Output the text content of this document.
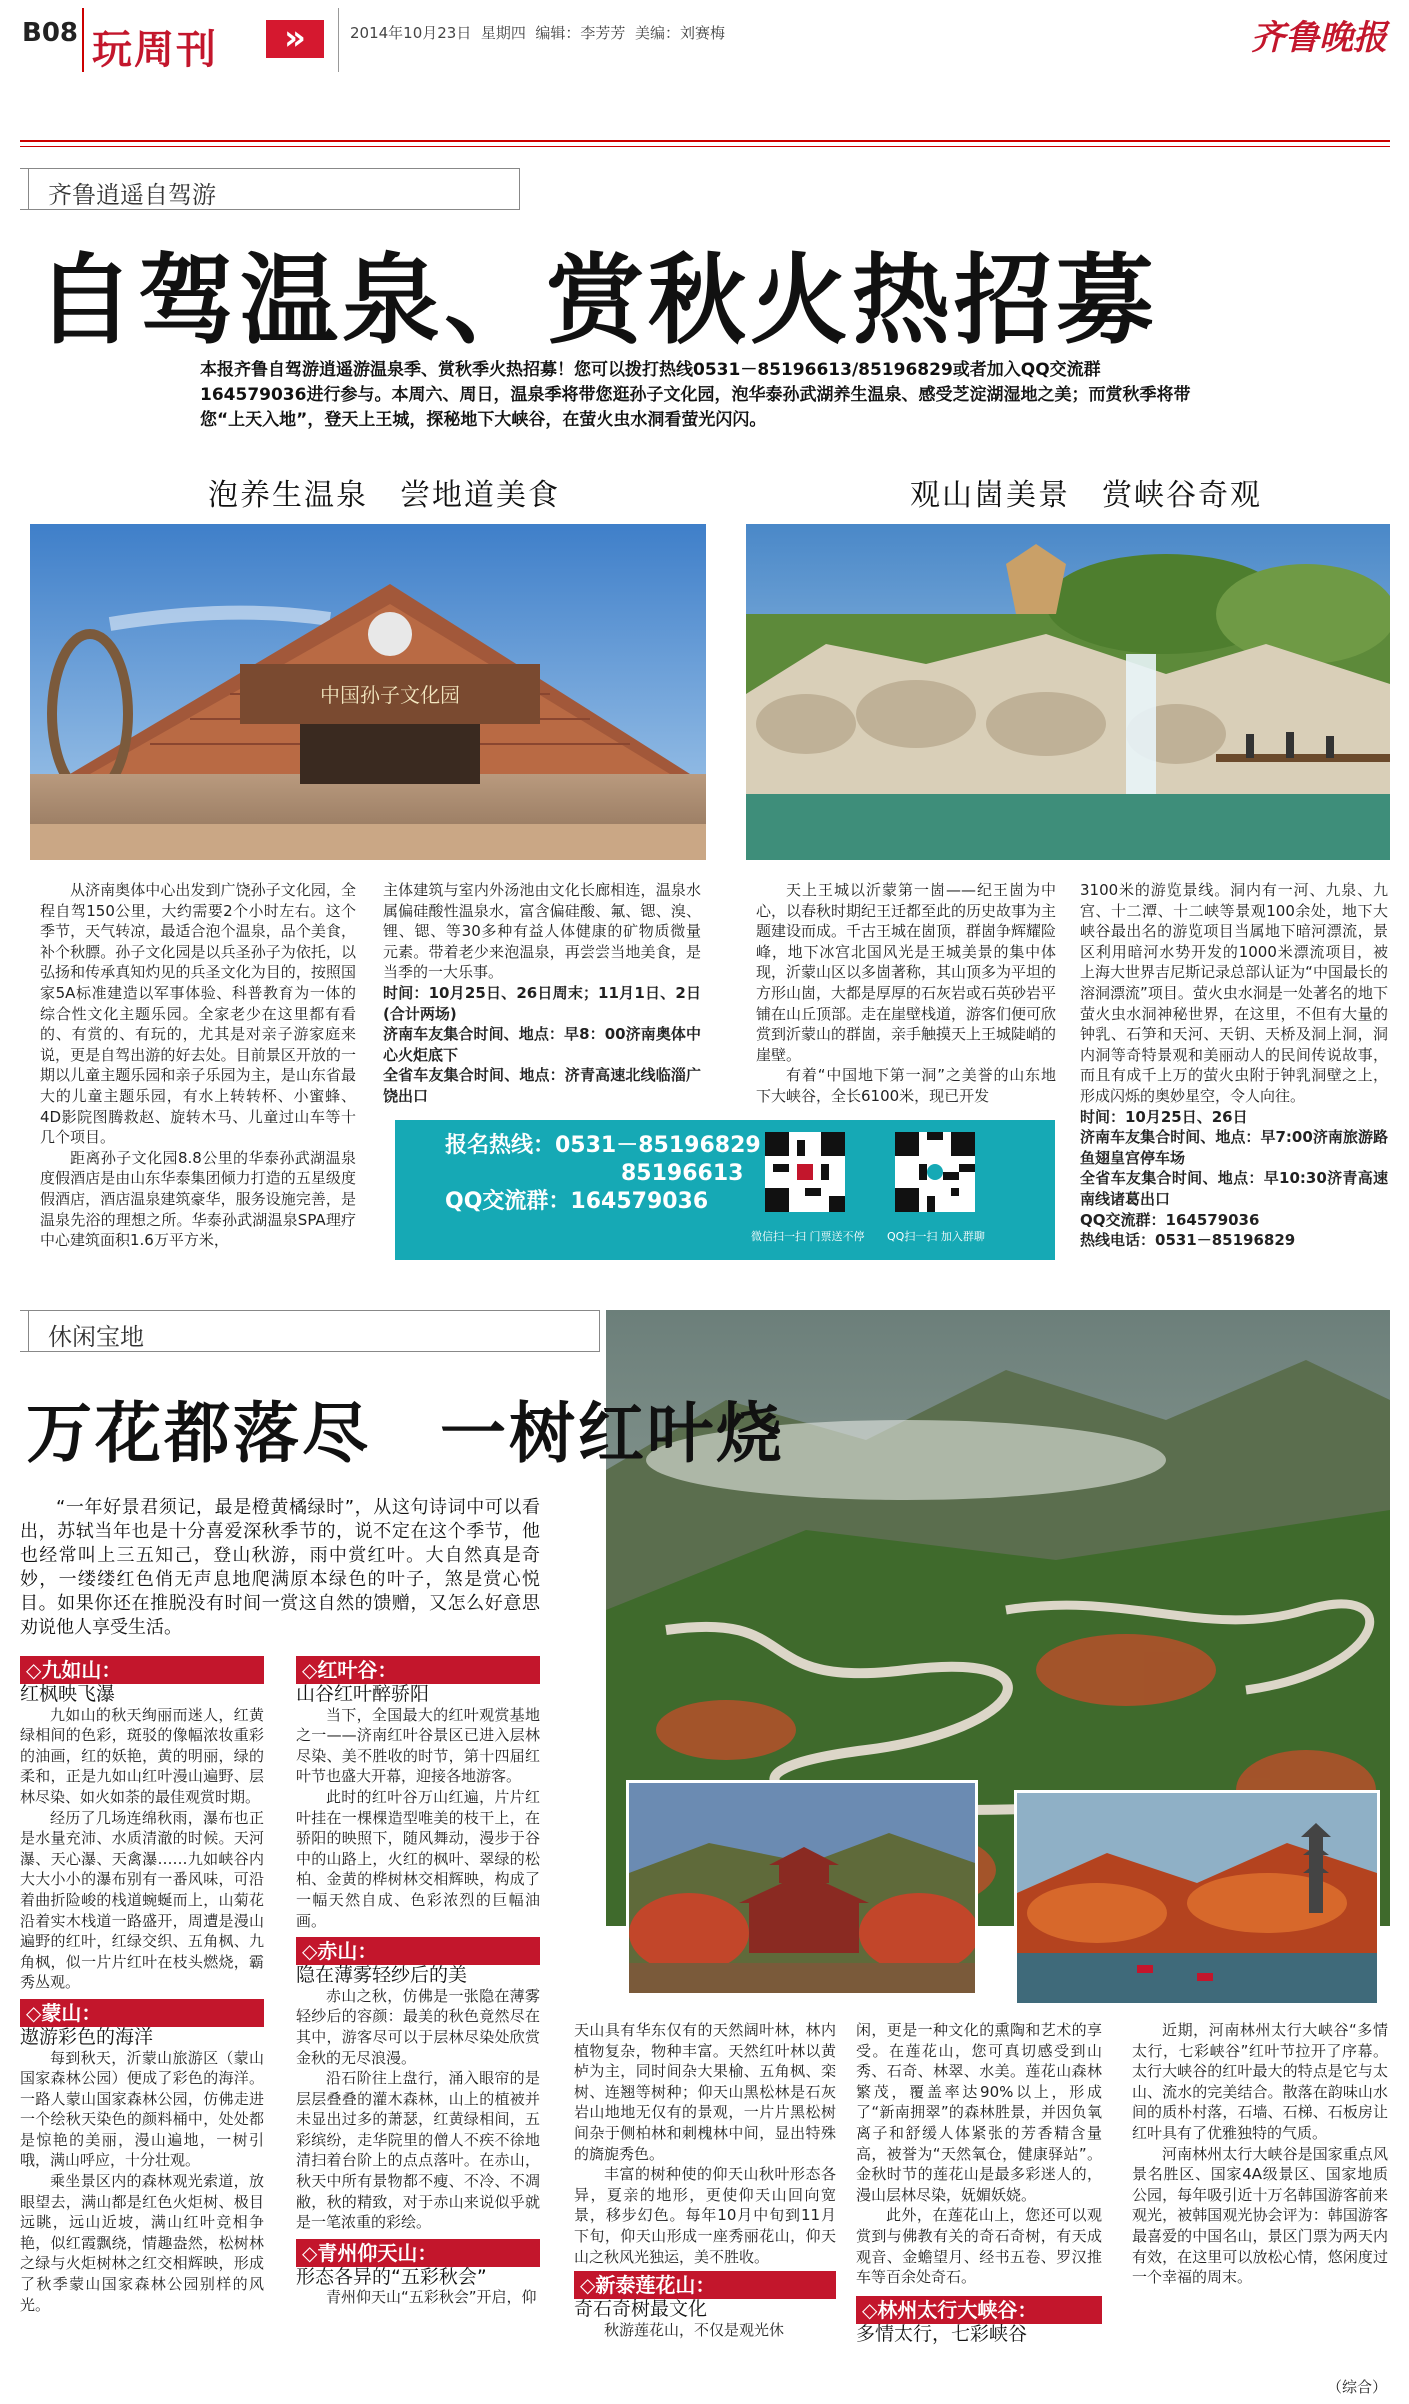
B08 玩周刊	»	2014年10月23日  星期四  编辑：李芳芳  美编：刘赛梅	齐鲁晚报
齐鲁逍遥自驾游
自驾温泉、赏秋火热招募
本报齐鲁自驾游逍遥游温泉季、赏秋季火热招募！您可以拨打热线0531－85196613/85196829或者加入QQ交流群164579036进行参与。本周六、周日，温泉季将带您逛孙子文化园，泡华泰孙武湖养生温泉、感受芝淀湖湿地之美；而赏秋季将带您“上天入地”，登天上王城，探秘地下大峡谷，在萤火虫水洞看萤光闪闪。
泡养生温泉　尝地道美食	观山崮美景　赏峡谷奇观
中国孙子文化园

从济南奥体中心出发到广饶孙子文化园，全程自驾150公里，大约需要2个小时左右。这个季节，天气转凉，最适合泡个温泉，品个美食，补个秋膘。孙子文化园是以兵圣孙子为依托，以弘扬和传承真知灼见的兵圣文化为目的，按照国家5A标准建造以军事体验、科普教育为一体的综合性文化主题乐园。全家老少在这里都有看的、有赏的、有玩的，尤其是对亲子游家庭来说，更是自驾出游的好去处。目前景区开放的一期以儿童主题乐园和亲子乐园为主，是山东省最大的儿童主题乐园，有水上转转杯、小蜜蜂、4D影院图腾救赵、旋转木马、儿童过山车等十几个项目。

距离孙子文化园8.8公里的华泰孙武湖温泉度假酒店是由山东华泰集团倾力打造的五星级度假酒店，酒店温泉建筑豪华，服务设施完善，是温泉先浴的理想之所。华泰孙武湖温泉SPA理疗中心建筑面积1.6万平方米，

主体建筑与室内外汤池由文化长廊相连，温泉水属偏硅酸性温泉水，富含偏硅酸、氟、锶、溴、锂、锶、等30多种有益人体健康的矿物质微量元素。带着老少来泡温泉，再尝尝当地美食，是当季的一大乐事。

时间：10月25日、26日周末；11月1日、2日(合计两场)

济南车友集合时间、地点：早8：00济南奥体中心火炬底下

全省车友集合时间、地点：济青高速北线临淄广饶出口

天上王城以沂蒙第一崮——纪王崮为中心，以春秋时期纪王迁都至此的历史故事为主题建设而成。千古王城在崮顶，群崮争辉耀险峰，地下冰宫北国风光是王城美景的集中体现，沂蒙山区以多崮著称，其山顶多为平坦的方形山崮，大都是厚厚的石灰岩或石英砂岩平铺在山丘顶部。走在崖壁栈道，游客们便可欣赏到沂蒙山的群崮，亲手触摸天上王城陡峭的崖壁。

有着“中国地下第一洞”之美誉的山东地下大峡谷，全长6100米，现已开发

3100米的游览景线。洞内有一河、九泉、九宫、十二潭、十二峡等景观100余处，地下大峡谷最出名的游览项目当属地下暗河漂流，景区利用暗河水势开发的1000米漂流项目，被上海大世界吉尼斯记录总部认证为“中国最长的溶洞漂流”项目。萤火虫水洞是一处著名的地下萤火虫水洞神秘世界，在这里，不但有大量的钟乳、石笋和天河、天钥、天桥及洞上洞，洞内洞等奇特景观和美丽动人的民间传说故事，而且有成千上万的萤火虫附于钟乳洞壁之上，形成闪烁的奥妙星空，令人向往。

时间：10月25日、26日

济南车友集合时间、地点：早7:00济南旅游路鱼翅皇宫停车场

全省车友集合时间、地点：早10:30济青高速南线诸葛出口

QQ交流群：164579036

热线电话：0531－85196829

报名热线：0531－85196829
　　　　　　　　85196613
QQ交流群：164579036
微信扫一扫 门票送不停 QQ扫一扫 加入群聊
休闲宝地
万花都落尽　一树红叶烧

“一年好景君须记，最是橙黄橘绿时”，从这句诗词中可以看出，苏轼当年也是十分喜爱深秋季节的，说不定在这个季节，他也经常叫上三五知己，登山秋游，雨中赏红叶。大自然真是奇妙，一缕缕红色俏无声息地爬满原本绿色的叶子，煞是赏心悦目。如果你还在推脱没有时间一赏这自然的馈赠，又怎么好意思劝说他人享受生活。

◇九如山：
红枫映飞瀑

九如山的秋天绚丽而迷人，红黄绿相间的色彩，斑驳的像幅浓妆重彩的油画，红的妖艳，黄的明丽，绿的柔和，正是九如山红叶漫山遍野、层林尽染、如火如荼的最佳观赏时期。

经历了几场连绵秋雨，瀑布也正是水量充沛、水质清澈的时候。天河瀑、天心瀑、天禽瀑……九如峡谷内大大小小的瀑布别有一番风味，可沿着曲折险峻的栈道蜿蜒而上，山菊花沿着实木栈道一路盛开，周遭是漫山遍野的红叶，红绿交织、五角枫、九角枫，似一片片红叶在枝头燃烧，霸秀丛观。

◇蒙山：
遨游彩色的海洋

每到秋天，沂蒙山旅游区（蒙山国家森林公园）便成了彩色的海洋。一路人蒙山国家森林公园，仿佛走进一个绘秋天染色的颜料桶中，处处都是惊艳的美丽，漫山遍地，一树引哦，满山呼应，十分壮观。

乘坐景区内的森林观光索道，放眼望去，满山都是红色火炬树、极目远眺，远山近坡，满山红叶竞相争艳，似红霞飘绕，情趣盎然，松树林之绿与火炬树林之红交相辉映，形成了秋季蒙山国家森林公园别样的风光。

◇红叶谷：
山谷红叶醉骄阳

当下，全国最大的红叶观赏基地之一——济南红叶谷景区已进入层林尽染、美不胜收的时节，第十四届红叶节也盛大开幕，迎接各地游客。

此时的红叶谷万山红遍，片片红叶挂在一棵棵造型唯美的枝干上，在骄阳的映照下，随风舞动，漫步于谷中的山路上，火红的枫叶、翠绿的松柏、金黄的桦树林交相辉映，构成了一幅天然自成、色彩浓烈的巨幅油画。

◇赤山：
隐在薄雾轻纱后的美

赤山之秋，仿佛是一张隐在薄雾轻纱后的容颜：最美的秋色竟然尽在其中，游客尽可以于层林尽染处欣赏金秋的无尽浪漫。

沿石阶往上盘行，涌入眼帘的是层层叠叠的灌木森林，山上的植被并未显出过多的萧瑟，红黄绿相间，五彩缤纷，走华院里的僧人不疾不徐地清扫着台阶上的点点落叶。在赤山，秋天中所有景物都不瘦、不冷、不凋敝，秋的精致，对于赤山来说似乎就是一笔浓重的彩绘。

◇青州仰天山：
形态各异的“五彩秋会”

青州仰天山“五彩秋会”开启，仰

天山具有华东仅有的天然阔叶林，林内植物复杂，物种丰富。天然红叶林以黄栌为主，同时间杂大果榆、五角枫、栾树、连翘等树种；仰天山黑松林是石灰岩山地地无仅有的景观，一片片黑松树间杂于侧柏林和刺槐林中间，显出特殊的旖旎秀色。

丰富的树种使的仰天山秋叶形态各异，夏亲的地形，更使仰天山回向宽景，移步幻色。每年10月中旬到11月下旬，仰天山形成一座秀丽花山，仰天山之秋风光独运，美不胜收。

◇新泰莲花山：
奇石奇树最文化

秋游莲花山，不仅是观光休

闲，更是一种文化的熏陶和艺术的享受。在莲花山，您可真切感受到山秀、石奇、林翠、水美。莲花山森林繁茂，覆盖率达90%以上，形成了“新南拥翠”的森林胜景，并因负氧离子和舒缓人体紧张的芳香精含量高，被誉为“天然氧仓，健康驿站”。金秋时节的莲花山是最多彩迷人的，漫山层林尽染，妩媚妖娆。

此外，在莲花山上，您还可以观赏到与佛教有关的奇石奇树，有天成观音、金蟾望月、经书五卷、罗汉推车等百余处奇石。

◇林州太行大峡谷：
多情太行，七彩峡谷

近期，河南林州太行大峡谷“多情太行，七彩峡谷”红叶节拉开了序幕。太行大峡谷的红叶最大的特点是它与太山、流水的完美结合。散落在韵味山水间的质朴村落，石墙、石梯、石板房让红叶具有了优雅独特的气质。

河南林州太行大峡谷是国家重点风景名胜区、国家4A级景区、国家地质公园，每年吸引近十万名韩国游客前来观光，被韩国观光协会评为：韩国游客最喜爱的中国名山，景区门票为两天内有效，在这里可以放松心情，悠闲度过一个幸福的周末。

（综合）
